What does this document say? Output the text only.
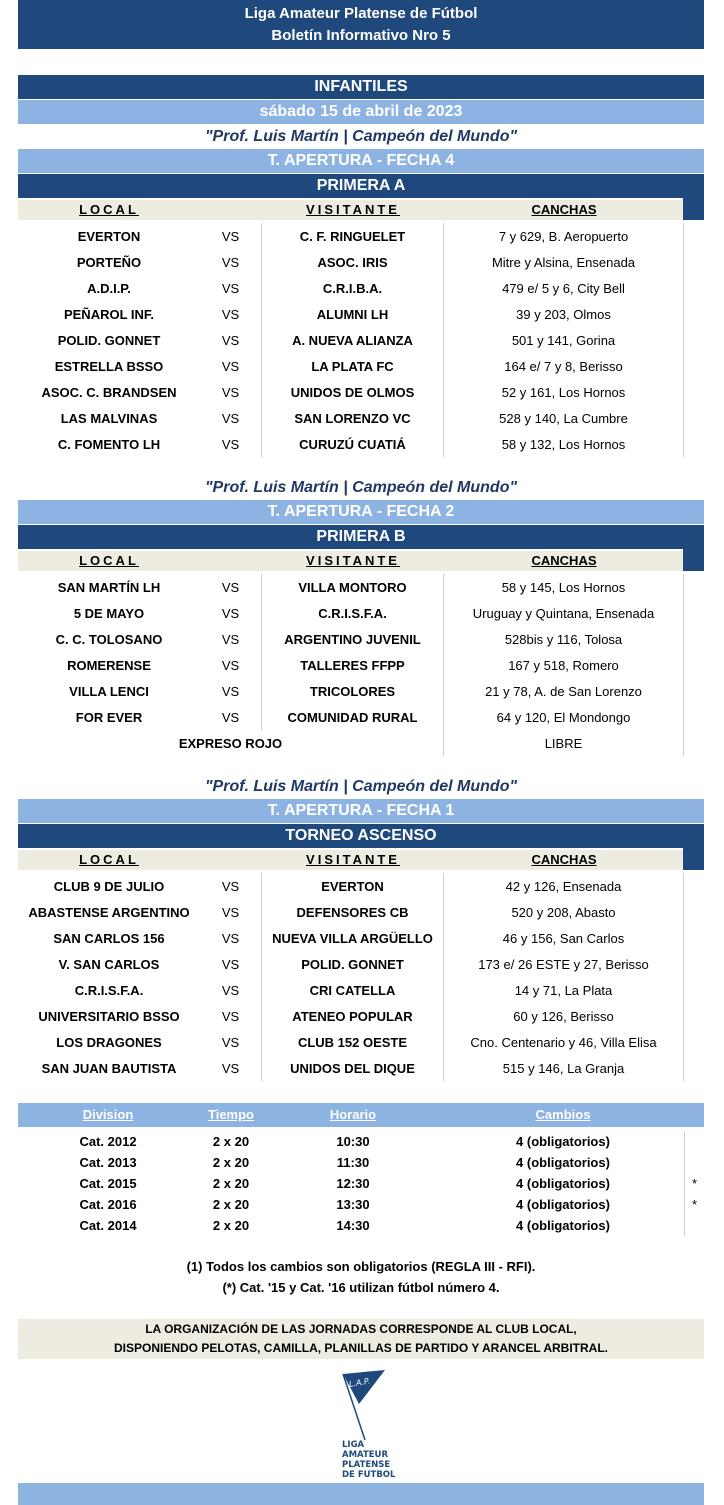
Liga Amateur Platense de Fútbol
Boletín Informativo Nro 5
INFANTILES
sábado 15 de abril de 2023
"Prof. Luis Martín | Campeón del Mundo"
T. APERTURA - FECHA 4
PRIMERA A
LOCAL	VISITANTE	CANCHAS
EVERTON	VS	C. F. RINGUELET	7 y 629, B. Aeropuerto
PORTEÑO	VS	ASOC. IRIS	Mitre y Alsina, Ensenada
A.D.I.P.	VS	C.R.I.B.A.	479 e/ 5 y 6, City Bell
PEÑAROL INF.	VS	ALUMNI LH	39 y 203, Olmos
POLID. GONNET	VS	A. NUEVA ALIANZA	501 y 141, Gorina
ESTRELLA BSSO	VS	LA PLATA FC	164 e/ 7 y 8, Berisso
ASOC. C. BRANDSEN	VS	UNIDOS DE OLMOS	52 y 161, Los Hornos
LAS MALVINAS	VS	SAN LORENZO VC	528 y 140, La Cumbre
C. FOMENTO LH	VS	CURUZÚ CUATIÁ	58 y 132, Los Hornos
"Prof. Luis Martín | Campeón del Mundo"
T. APERTURA - FECHA 2
PRIMERA B
LOCAL	VISITANTE	CANCHAS
SAN MARTÍN LH	VS	VILLA MONTORO	58 y 145, Los Hornos
5 DE MAYO	VS	C.R.I.S.F.A.	Uruguay y Quintana, Ensenada
C. C. TOLOSANO	VS	ARGENTINO JUVENIL	528bis y 116, Tolosa
ROMERENSE	VS	TALLERES FFPP	167 y 518, Romero
VILLA LENCI	VS	TRICOLORES	21 y 78, A. de San Lorenzo
FOR EVER	VS	COMUNIDAD RURAL	64 y 120, El Mondongo
EXPRESO ROJO	LIBRE
"Prof. Luis Martín | Campeón del Mundo"
T. APERTURA - FECHA 1
TORNEO ASCENSO
LOCAL	VISITANTE	CANCHAS
CLUB 9 DE JULIO	VS	EVERTON	42 y 126, Ensenada
ABASTENSE ARGENTINO	VS	DEFENSORES CB	520 y 208, Abasto
SAN CARLOS 156	VS	NUEVA VILLA ARGÜELLO	46 y 156, San Carlos
V. SAN CARLOS	VS	POLID. GONNET	173 e/ 26 ESTE y 27, Berisso
C.R.I.S.F.A.	VS	CRI CATELLA	14 y 71, La Plata
UNIVERSITARIO BSSO	VS	ATENEO POPULAR	60 y 126, Berisso
LOS DRAGONES	VS	CLUB 152 OESTE	Cno. Centenario y 46, Villa Elisa
SAN JUAN BAUTISTA	VS	UNIDOS DEL DIQUE	515 y 146, La Granja
Division	Tiempo	Horario	Cambios
Cat. 2012	2 x 20	10:30	4 (obligatorios)
Cat. 2013	2 x 20	11:30	4 (obligatorios)
Cat. 2015	2 x 20	12:30	4 (obligatorios)	*
Cat. 2016	2 x 20	13:30	4 (obligatorios)	*
Cat. 2014	2 x 20	14:30	4 (obligatorios)
(1) Todos los cambios son obligatorios (REGLA III - RFI).
(*) Cat. '15 y Cat. '16 utilizan fútbol número 4.
LA ORGANIZACIÓN DE LAS JORNADAS CORRESPONDE AL CLUB LOCAL,
DISPONIENDO PELOTAS, CAMILLA, PLANILLAS DE PARTIDO Y ARANCEL ARBITRAL.
L.A.P.
LIGA
AMATEUR
PLATENSE
DE FUTBOL
